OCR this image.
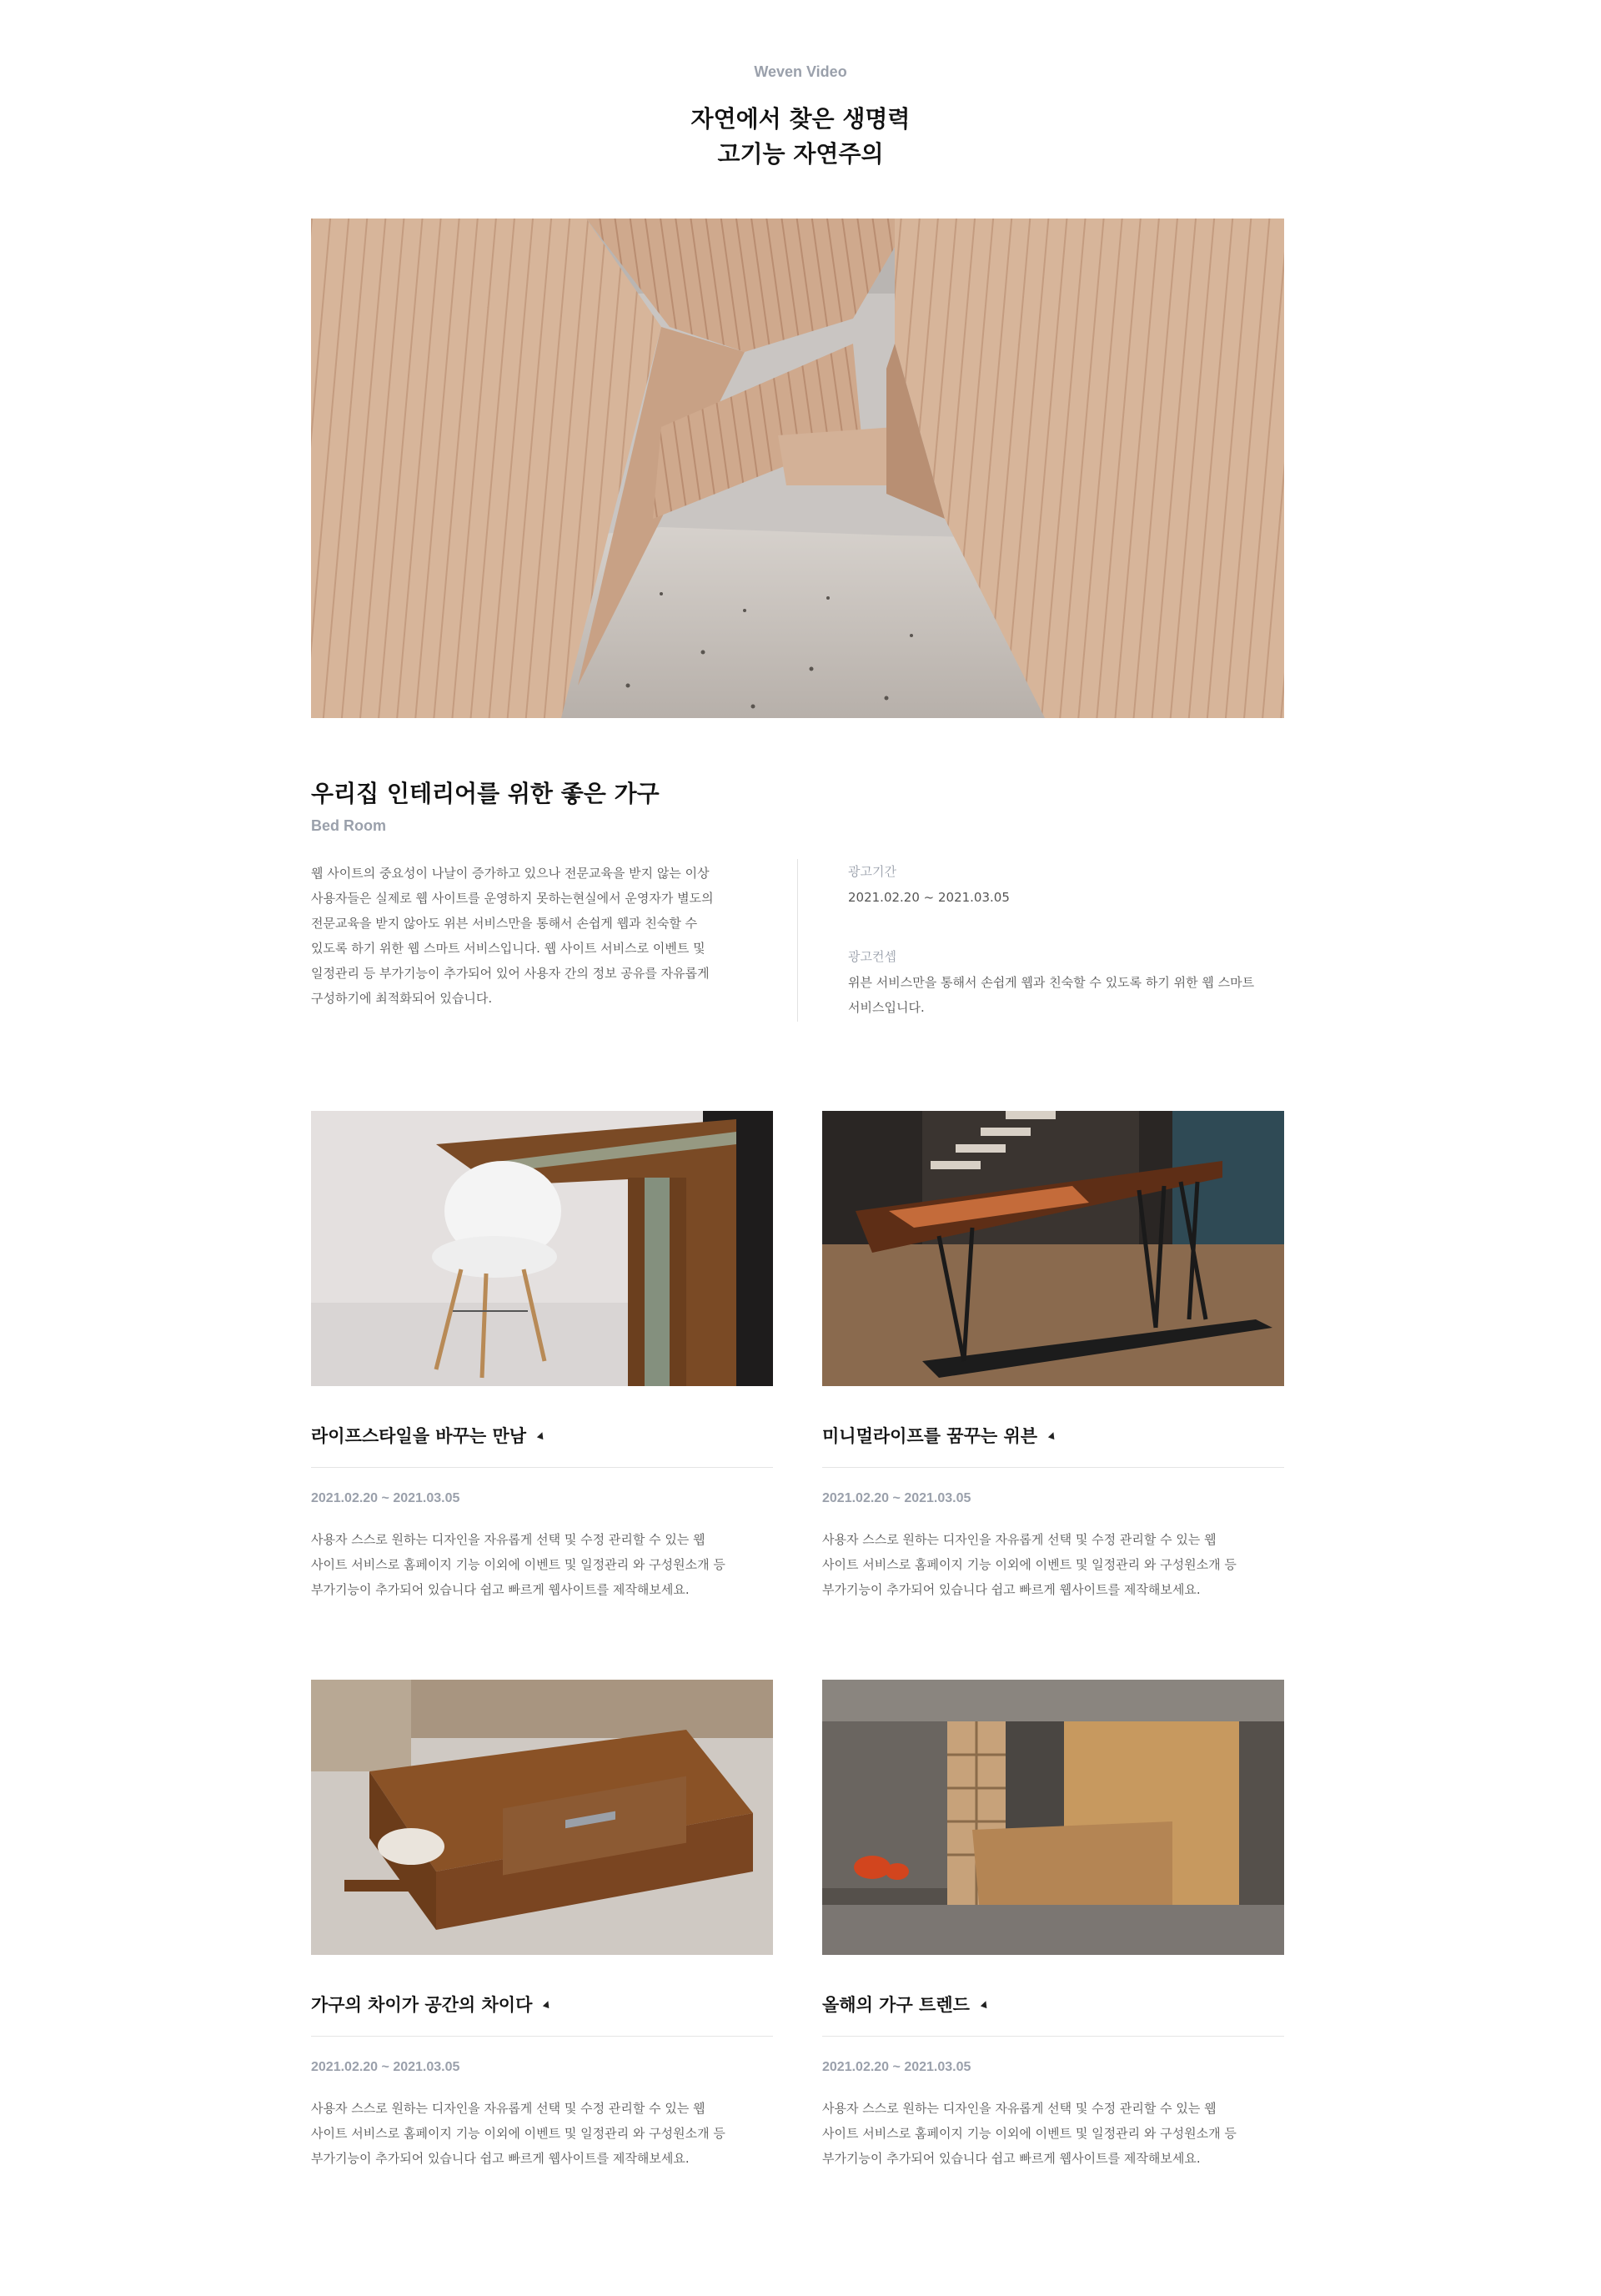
Weven Video
자연에서 찾은 생명력
고기능 자연주의
우리집 인테리어를 위한 좋은 가구
Bed Room

웹 사이트의 중요성이 나날이 증가하고 있으나 전문교육을 받지 않는 이상
사용자들은 실제로 웹 사이트를 운영하지 못하는현실에서 운영자가 별도의
전문교육을 받지 않아도 위븐 서비스만을 통해서 손쉽게 웹과 친숙할 수
있도록 하기 위한 웹 스마트 서비스입니다. 웹 사이트 서비스로 이벤트 및
일정관리 등 부가기능이 추가되어 있어 사용자 간의 정보 공유를 자유롭게
구성하기에 최적화되어 있습니다.

광고기간
2021.02.20 ~ 2021.03.05
광고컨셉
위븐 서비스만을 통해서 손쉽게 웹과 친숙할 수 있도록 하기 위한 웹 스마트
서비스입니다.
라이프스타일을 바꾸는 만남
2021.02.20 ~ 2021.03.05

사용자 스스로 원하는 디자인을 자유롭게 선택 및 수정 관리할 수 있는 웹
사이트 서비스로 홈페이지 기능 이외에 이벤트 및 일정관리 와 구성원소개 등
부가기능이 추가되어 있습니다 쉽고 빠르게 웹사이트를 제작해보세요.

미니멀라이프를 꿈꾸는 위븐
2021.02.20 ~ 2021.03.05

사용자 스스로 원하는 디자인을 자유롭게 선택 및 수정 관리할 수 있는 웹
사이트 서비스로 홈페이지 기능 이외에 이벤트 및 일정관리 와 구성원소개 등
부가기능이 추가되어 있습니다 쉽고 빠르게 웹사이트를 제작해보세요.

가구의 차이가 공간의 차이다
2021.02.20 ~ 2021.03.05

사용자 스스로 원하는 디자인을 자유롭게 선택 및 수정 관리할 수 있는 웹
사이트 서비스로 홈페이지 기능 이외에 이벤트 및 일정관리 와 구성원소개 등
부가기능이 추가되어 있습니다 쉽고 빠르게 웹사이트를 제작해보세요.

올해의 가구 트렌드
2021.02.20 ~ 2021.03.05

사용자 스스로 원하는 디자인을 자유롭게 선택 및 수정 관리할 수 있는 웹
사이트 서비스로 홈페이지 기능 이외에 이벤트 및 일정관리 와 구성원소개 등
부가기능이 추가되어 있습니다 쉽고 빠르게 웹사이트를 제작해보세요.
